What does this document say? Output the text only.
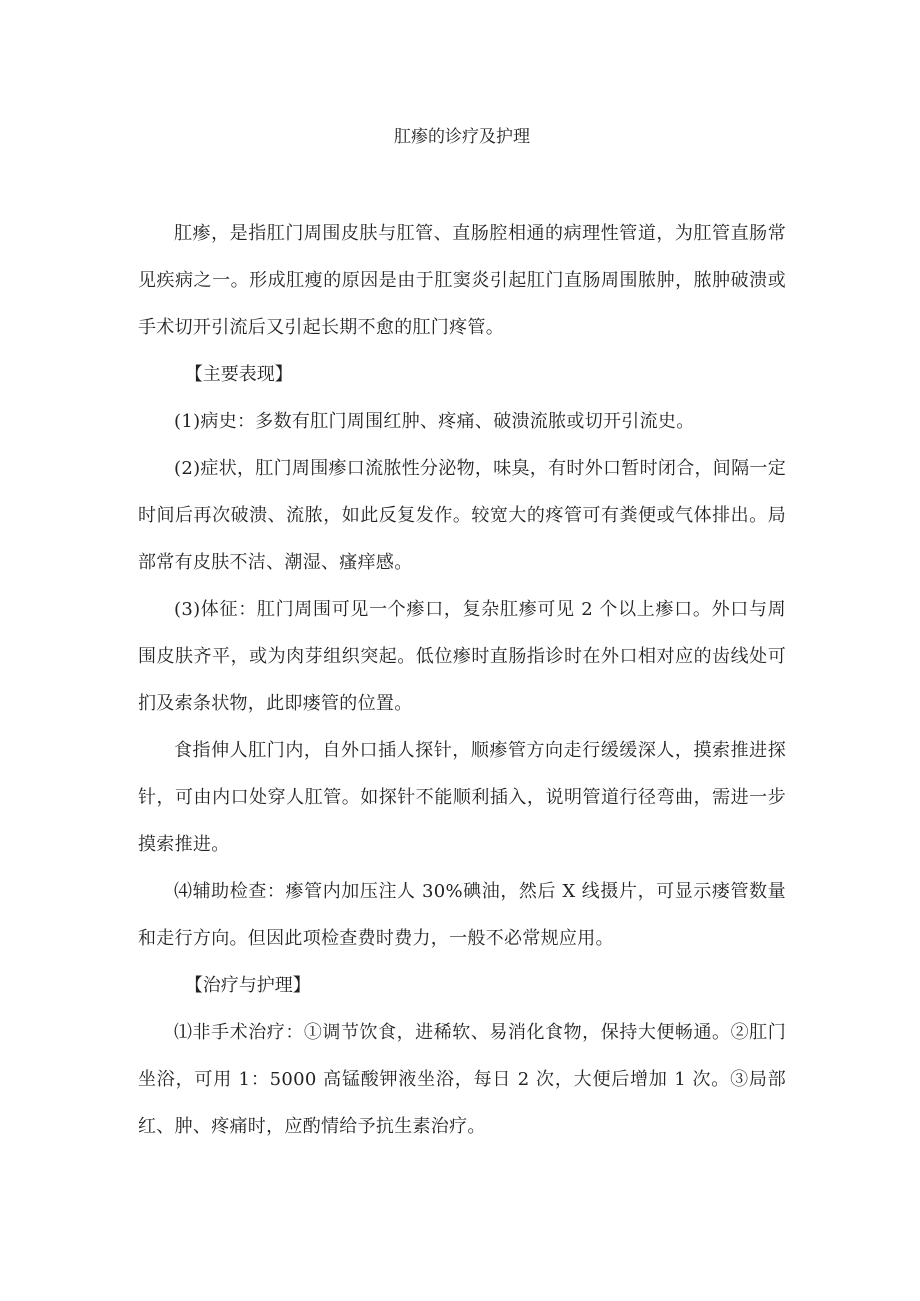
肛瘆的诊疗及护理

肛瘆，是指肛门周围皮肤与肛管、直肠腔相通的病理性管道，为肛管直肠常见疾病之一。形成肛瘦的原因是由于肛窦炎引起肛门直肠周围脓肿，脓肿破溃或手术切开引流后又引起长期不愈的肛门疼管。

【主要表现】

(1)病史：多数有肛门周围红肿、疼痛、破溃流脓或切开引流史。

(2)症状，肛门周围瘆口流脓性分泌物，味臭，有时外口暂时闭合，间隔一定时间后再次破溃、流脓，如此反复发作。较宽大的疼管可有粪便或气体排出。局部常有皮肤不洁、潮湿、瘙痒感。

(3)体征：肛门周围可见一个瘆口，复杂肛瘆可见 2 个以上瘆口。外口与周围皮肤齐平，或为肉芽组织突起。低位瘆时直肠指诊时在外口相对应的齿线处可扪及索条状物，此即瘘管的位置。

食指伸人肛门内，自外口插人探针，顺瘆管方向走行缓缓深人，摸索推进探针，可由内口处穿人肛管。如探针不能顺利插入，说明管道行径弯曲，需进一步摸索推进。

⑷辅助检查：瘆管内加压注人 30%碘油，然后 X 线摄片，可显示瘘管数量和走行方向。但因此项检查费时费力，一般不必常规应用。

【治疗与护理】

⑴非手术治疗：①调节饮食，进稀软、易消化食物，保持大便畅通。②肛门坐浴，可用 1：5000 高锰酸钾液坐浴，每日 2 次，大便后增加 1 次。③局部红、肿、疼痛时，应酌情给予抗生素治疗。
